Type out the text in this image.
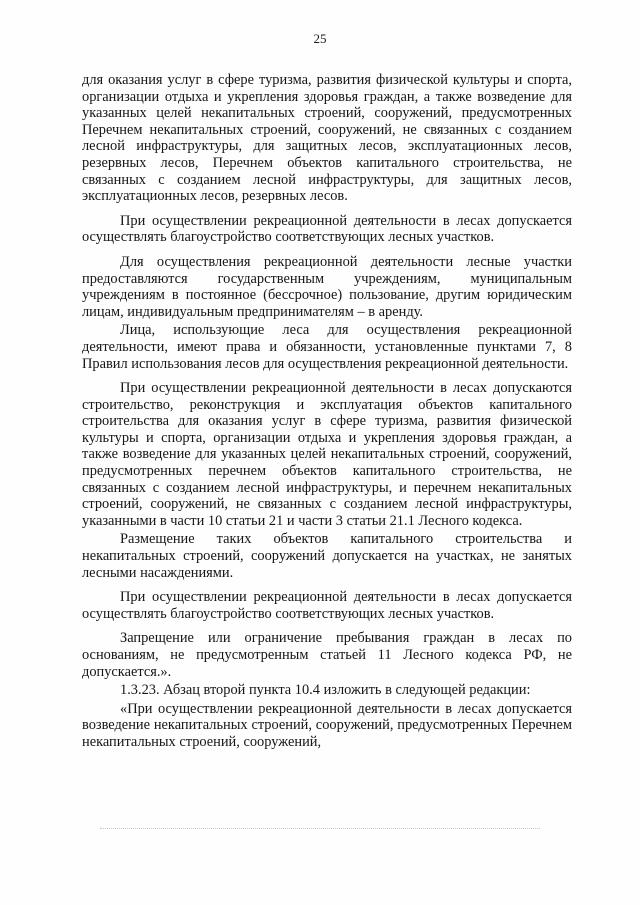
25

для оказания услуг в сфере туризма, развития физической культуры и спорта, организации отдыха и укрепления здоровья граждан, а также возведение для указанных целей некапитальных строений, сооружений, предусмотренных Перечнем некапитальных строений, сооружений, не связанных с созданием лесной инфраструктуры, для защитных лесов, эксплуатационных лесов, резервных лесов, Перечнем объектов капитального строительства, не связанных с созданием лесной инфраструктуры, для защитных лесов, эксплуатационных лесов, резервных лесов.

При осуществлении рекреационной деятельности в лесах допускается осуществлять благоустройство соответствующих лесных участков.

Для осуществления рекреационной деятельности лесные участки предоставляются государственным учреждениям, муниципальным учреждениям в постоянное (бессрочное) пользование, другим юридическим лицам, индивидуальным предпринимателям – в аренду.

Лица, использующие леса для осуществления рекреационной деятельности, имеют права и обязанности, установленные пунктами 7, 8 Правил использования лесов для осуществления рекреационной деятельности.

При осуществлении рекреационной деятельности в лесах допускаются строительство, реконструкция и эксплуатация объектов капитального строительства для оказания услуг в сфере туризма, развития физической культуры и спорта, организации отдыха и укрепления здоровья граждан, а также возведение для указанных целей некапитальных строений, сооружений, предусмотренных перечнем объектов капитального строительства, не связанных с созданием лесной инфраструктуры, и перечнем некапитальных строений, сооружений, не связанных с созданием лесной инфраструктуры, указанными в части 10 статьи 21 и части 3 статьи 21.1 Лесного кодекса.

Размещение таких объектов капитального строительства и некапитальных строений, сооружений допускается на участках, не занятых лесными насаждениями.

При осуществлении рекреационной деятельности в лесах допускается осуществлять благоустройство соответствующих лесных участков.

Запрещение или ограничение пребывания граждан в лесах по основаниям, не предусмотренным статьей 11 Лесного кодекса РФ, не допускается.».

1.3.23. Абзац второй пункта 10.4 изложить в следующей редакции:

«При осуществлении рекреационной деятельности в лесах допускается возведение некапитальных строений, сооружений, предусмотренных Перечнем некапитальных строений, сооружений,
